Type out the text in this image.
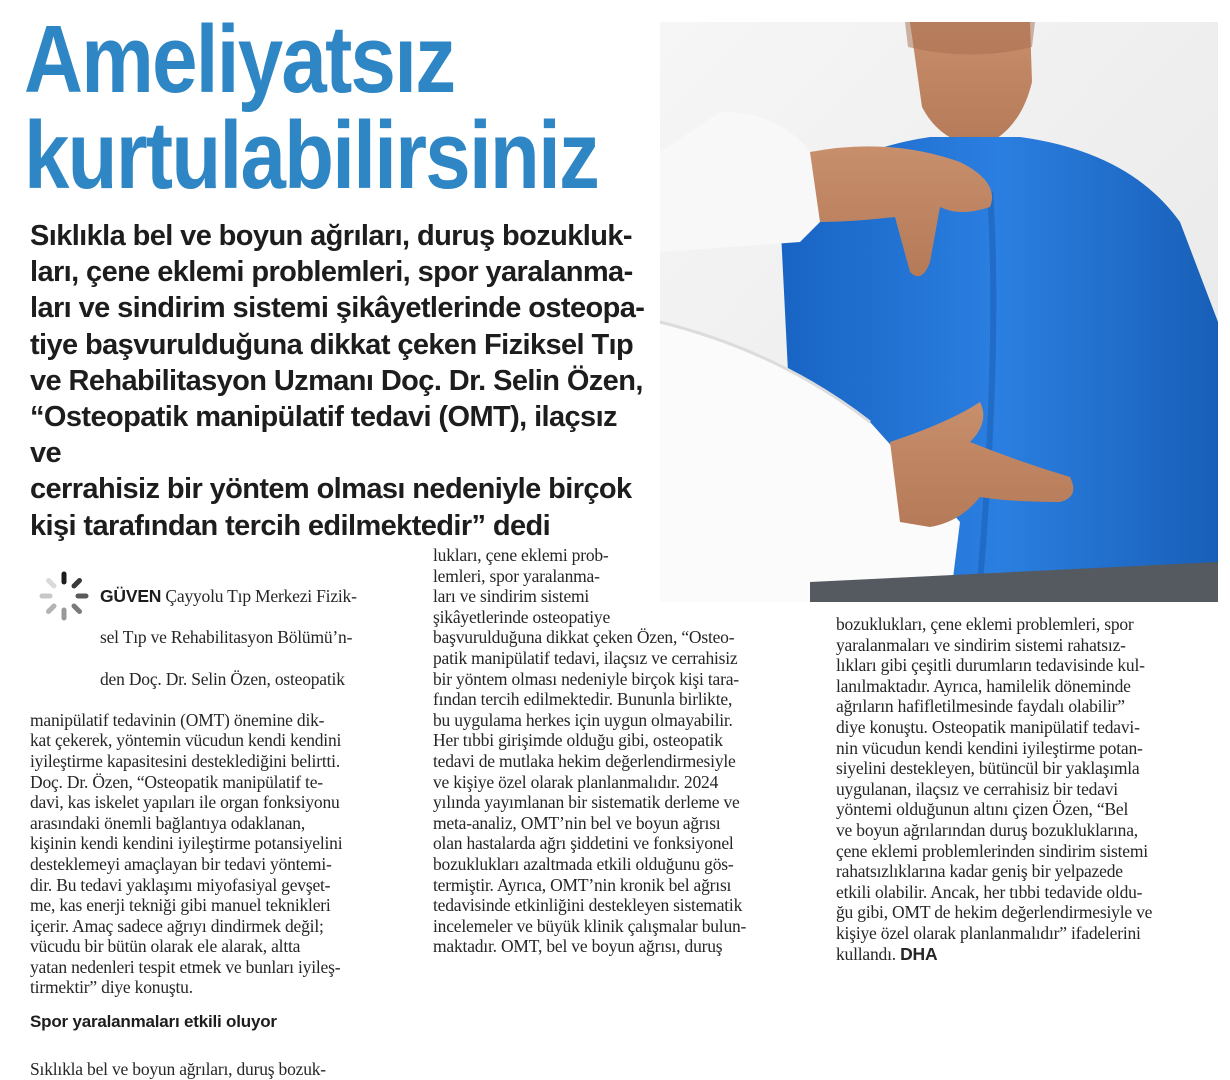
Ameliyatsız
kurtulabilirsiniz

Sıklıkla bel ve boyun ağrıları, duruş bozukluk-
ları, çene eklemi problemleri, spor yaralanma-
ları ve sindirim sistemi şikâyetlerinde osteopa-
tiye başvurulduğuna dikkat çeken Fiziksel Tıp
ve Rehabilitasyon Uzmanı Doç. Dr. Selin Özen,
“Osteopatik manipülatif tedavi (OMT), ilaçsız ve
cerrahisiz bir yöntem olması nedeniyle birçok
kişi tarafından tercih edilmektedir” dedi

GÜVEN Çayyolu Tıp Merkezi Fizik-

sel Tıp ve Rehabilitasyon Bölümü’n-

den Doç. Dr. Selin Özen, osteopatik

manipülatif tedavinin (OMT) önemine dik-
kat çekerek, yöntemin vücudun kendi kendini
iyileştirme kapasitesini desteklediğini belirtti.
Doç. Dr. Özen, “Osteopatik manipülatif te-
davi, kas iskelet yapıları ile organ fonksiyonu
arasındaki önemli bağlantıya odaklanan,
kişinin kendi kendini iyileştirme potansiyelini
desteklemeyi amaçlayan bir tedavi yöntemi-
dir. Bu tedavi yaklaşımı miyofasiyal gevşet-
me, kas enerji tekniği gibi manuel teknikleri
içerir. Amaç sadece ağrıyı dindirmek değil;
vücudu bir bütün olarak ele alarak, altta
yatan nedenleri tespit etmek ve bunları iyileş-
tirmektir” diye konuştu.

Spor yaralanmaları etkili oluyor

Sıklıkla bel ve boyun ağrıları, duruş bozuk-

lukları, çene eklemi prob-
lemleri, spor yaralanma-
ları ve sindirim sistemi
şikâyetlerinde osteopatiye
başvurulduğuna dikkat çeken Özen, “Osteo-
patik manipülatif tedavi, ilaçsız ve cerrahisiz
bir yöntem olması nedeniyle birçok kişi tara-
fından tercih edilmektedir. Bununla birlikte,
bu uygulama herkes için uygun olmayabilir.
Her tıbbi girişimde olduğu gibi, osteopatik
tedavi de mutlaka hekim değerlendirmesiyle
ve kişiye özel olarak planlanmalıdır. 2024
yılında yayımlanan bir sistematik derleme ve
meta-analiz, OMT’nin bel ve boyun ağrısı
olan hastalarda ağrı şiddetini ve fonksiyonel
bozuklukları azaltmada etkili olduğunu gös-
termiştir. Ayrıca, OMT’nin kronik bel ağrısı
tedavisinde etkinliğini destekleyen sistematik
incelemeler ve büyük klinik çalışmalar bulun-
maktadır. OMT, bel ve boyun ağrısı, duruş
bozuklukları, çene eklemi problemleri, spor
yaralanmaları ve sindirim sistemi rahatsız-
lıkları gibi çeşitli durumların tedavisinde kul-
lanılmaktadır. Ayrıca, hamilelik döneminde
ağrıların hafifletilmesinde faydalı olabilir”
diye konuştu. Osteopatik manipülatif tedavi-
nin vücudun kendi kendini iyileştirme potan-
siyelini destekleyen, bütüncül bir yaklaşımla
uygulanan, ilaçsız ve cerrahisiz bir tedavi
yöntemi olduğunun altını çizen Özen, “Bel
ve boyun ağrılarından duruş bozukluklarına,
çene eklemi problemlerinden sindirim sistemi
rahatsızlıklarına kadar geniş bir yelpazede
etkili olabilir. Ancak, her tıbbi tedavide oldu-
ğu gibi, OMT de hekim değerlendirmesiyle ve
kişiye özel olarak planlanmalıdır” ifadelerini
kullandı. DHA
